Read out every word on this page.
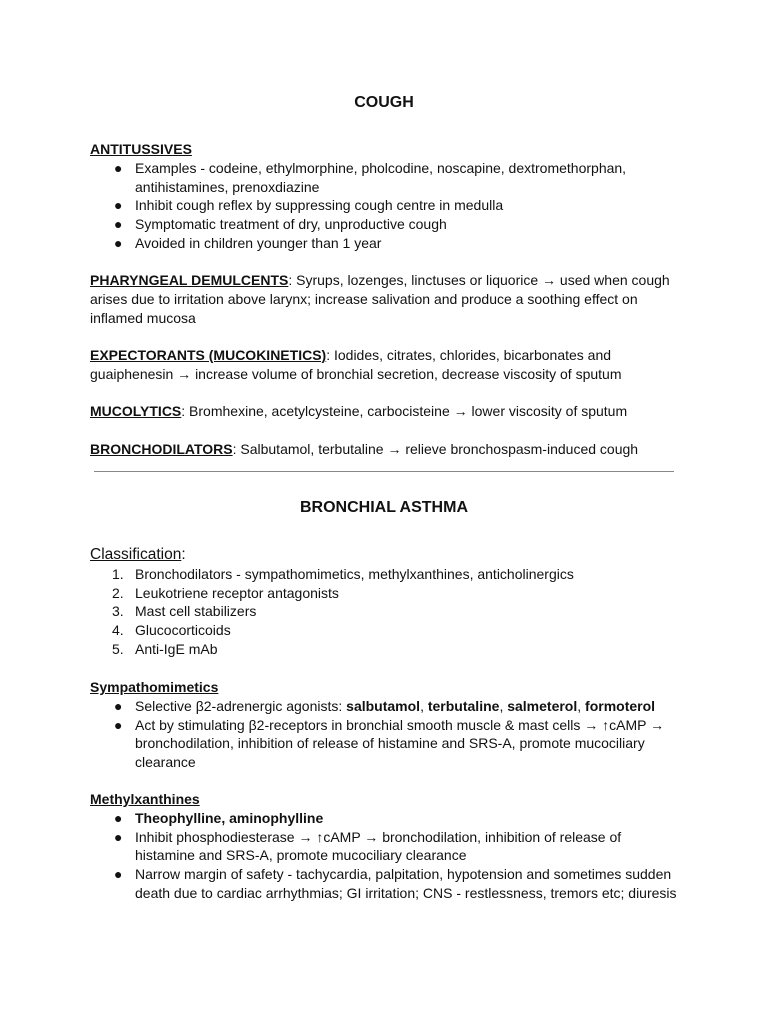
COUGH
ANTITUSSIVES
● Examples - codeine, ethylmorphine, pholcodine, noscapine, dextromethorphan, antihistamines, prenoxdiazine
● Inhibit cough reflex by suppressing cough centre in medulla
● Symptomatic treatment of dry, unproductive cough
● Avoided in children younger than 1 year
PHARYNGEAL DEMULCENTS: Syrups, lozenges, linctuses or liquorice → used when cough arises due to irritation above larynx; increase salivation and produce a soothing effect on inflamed mucosa
EXPECTORANTS (MUCOKINETICS): Iodides, citrates, chlorides, bicarbonates and guaiphenesin → increase volume of bronchial secretion, decrease viscosity of sputum
MUCOLYTICS: Bromhexine, acetylcysteine, carbocisteine → lower viscosity of sputum
BRONCHODILATORS: Salbutamol, terbutaline → relieve bronchospasm-induced cough
BRONCHIAL ASTHMA
Classification:
1. Bronchodilators - sympathomimetics, methylxanthines, anticholinergics
2. Leukotriene receptor antagonists
3. Mast cell stabilizers
4. Glucocorticoids
5. Anti-IgE mAb
Sympathomimetics
● Selective β2-adrenergic agonists: salbutamol, terbutaline, salmeterol, formoterol
● Act by stimulating β2-receptors in bronchial smooth muscle & mast cells → ↑cAMP → bronchodilation, inhibition of release of histamine and SRS-A, promote mucociliary clearance
Methylxanthines
● Theophylline, aminophylline
● Inhibit phosphodiesterase → ↑cAMP → bronchodilation, inhibition of release of histamine and SRS-A, promote mucociliary clearance
● Narrow margin of safety - tachycardia, palpitation, hypotension and sometimes sudden death due to cardiac arrhythmias; GI irritation; CNS - restlessness, tremors etc; diuresis
